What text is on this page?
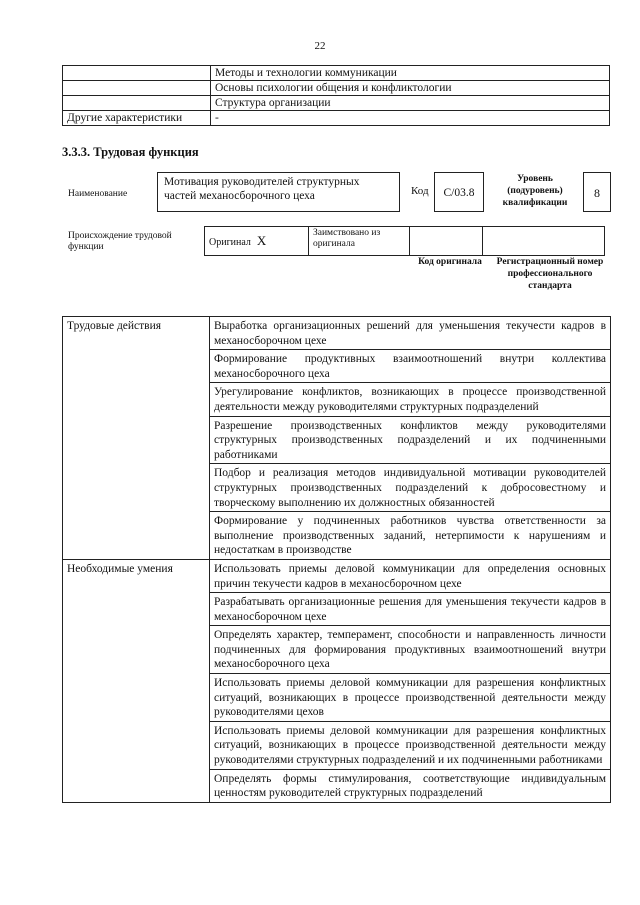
22
	Методы и технологии коммуникации
	Основы психологии общения и конфликтологии
	Структура организации
Другие характеристики	-
3.3.3. Трудовая функция
Наименование
Мотивация руководителей структурных частей механосборочного цеха	Код	C/03.8
Уровень (подуровень) квалификации
8
Происхождение трудовой функции	Оригинал X	Заимствовано из оригинала		
Код оригинала	Регистрационный номер профессионального стандарта
Трудовые действия	Выработка организационных решений для уменьшения текучести кадров в механосборочном цехе
	Формирование продуктивных взаимоотношений внутри коллектива механосборочного цеха
	Урегулирование конфликтов, возникающих в процессе производственной деятельности между руководителями структурных подразделений
	Разрешение производственных конфликтов между руководителями структурных производственных подразделений и их подчиненными работниками
	Подбор и реализация методов индивидуальной мотивации руководителей структурных производственных подразделений к добросовестному и творческому выполнению их должностных обязанностей
	Формирование у подчиненных работников чувства ответственности за выполнение производственных заданий, нетерпимости к нарушениям и недостаткам в производстве
Необходимые умения	Использовать приемы деловой коммуникации для определения основных причин текучести кадров в механосборочном цехе
	Разрабатывать организационные решения для уменьшения текучести кадров в механосборочном цехе
	Определять характер, темперамент, способности и направленность личности подчиненных для формирования продуктивных взаимоотношений внутри механосборочного цеха
	Использовать приемы деловой коммуникации для разрешения конфликтных ситуаций, возникающих в процессе производственной деятельности между руководителями цехов
	Использовать приемы деловой коммуникации для разрешения конфликтных ситуаций, возникающих в процессе производственной деятельности между руководителями структурных подразделений и их подчиненными работниками
	Определять формы стимулирования, соответствующие индивидуальным ценностям руководителей структурных подразделений
